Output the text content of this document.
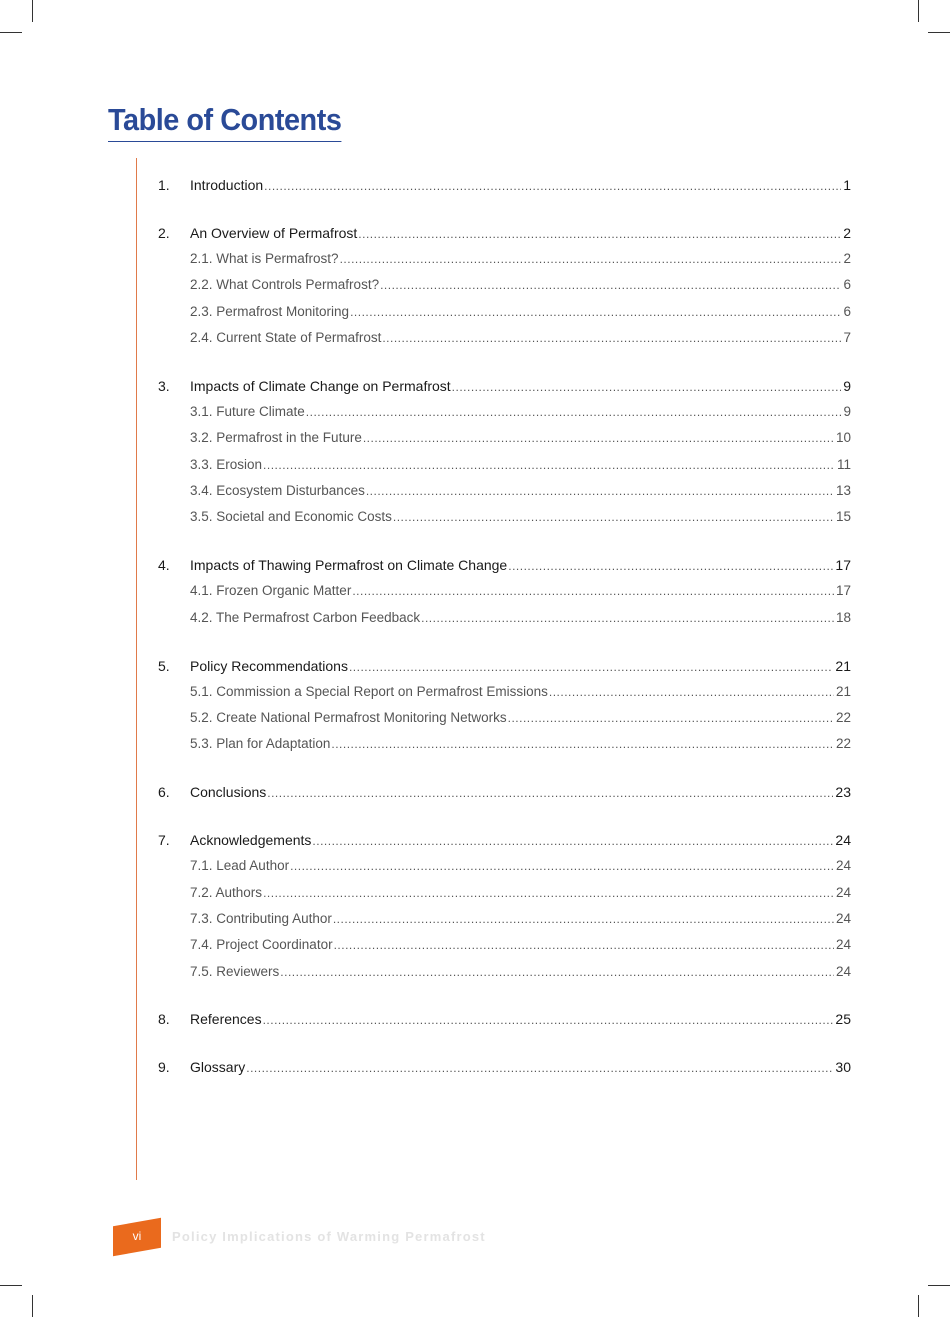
Table of Contents
1. Introduction .....	1
2. An Overview of Permafrost .....	2
2.1. What is Permafrost? .....	2
2.2. What Controls Permafrost? .....	6
2.3. Permafrost Monitoring .....	6
2.4. Current State of Permafrost .....	7
3. Impacts of Climate Change on Permafrost .....	9
3.1. Future Climate .....	9
3.2. Permafrost in the Future .....	10
3.3. Erosion .....	11
3.4. Ecosystem Disturbances .....	13
3.5. Societal and Economic Costs .....	15
4. Impacts of Thawing Permafrost on Climate Change .....	17
4.1. Frozen Organic Matter .....	17
4.2. The Permafrost Carbon Feedback .....	18
5. Policy Recommendations .....	21
5.1. Commission a Special Report on Permafrost Emissions .....	21
5.2. Create National Permafrost Monitoring Networks .....	22
5.3. Plan for Adaptation .....	22
6. Conclusions .....	23
7. Acknowledgements .....	24
7.1. Lead Author .....	24
7.2. Authors .....	24
7.3. Contributing Author .....	24
7.4. Project Coordinator .....	24
7.5. Reviewers .....	24
8. References .....	25
9. Glossary .....	30
vi	Policy Implications of Warming Permafrost
